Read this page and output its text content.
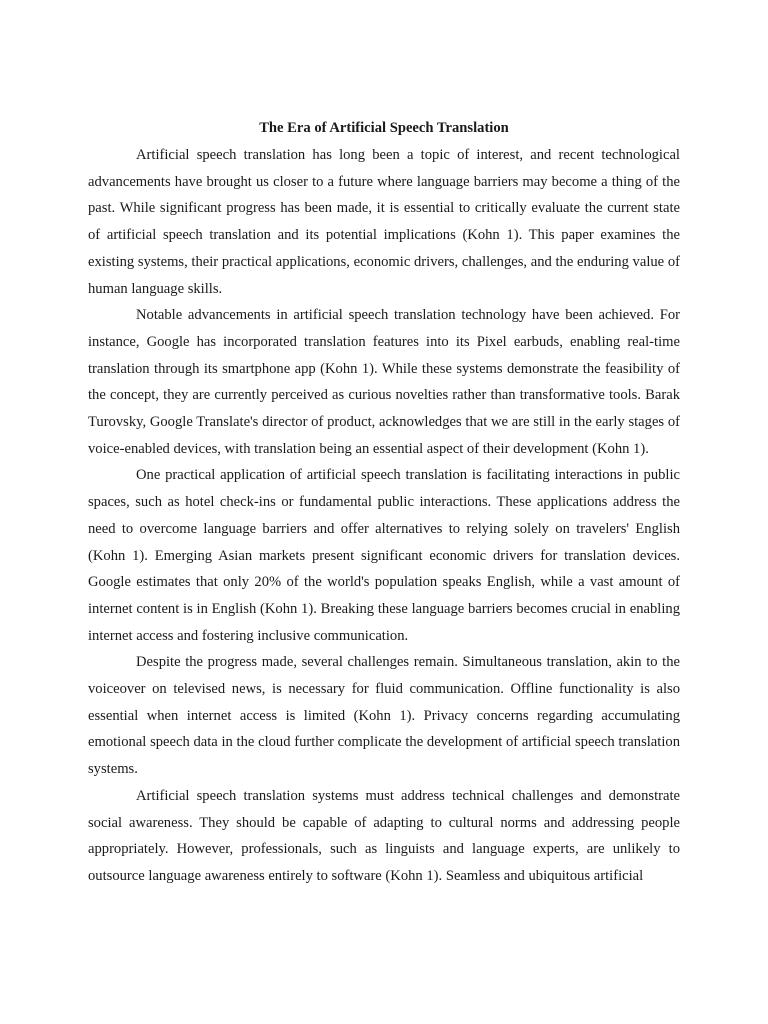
The Era of Artificial Speech Translation

Artificial speech translation has long been a topic of interest, and recent technological advancements have brought us closer to a future where language barriers may become a thing of the past. While significant progress has been made, it is essential to critically evaluate the current state of artificial speech translation and its potential implications (Kohn 1). This paper examines the existing systems, their practical applications, economic drivers, challenges, and the enduring value of human language skills.

Notable advancements in artificial speech translation technology have been achieved. For instance, Google has incorporated translation features into its Pixel earbuds, enabling real-time translation through its smartphone app (Kohn 1). While these systems demonstrate the feasibility of the concept, they are currently perceived as curious novelties rather than transformative tools. Barak Turovsky, Google Translate's director of product, acknowledges that we are still in the early stages of voice-enabled devices, with translation being an essential aspect of their development (Kohn 1).

One practical application of artificial speech translation is facilitating interactions in public spaces, such as hotel check-ins or fundamental public interactions. These applications address the need to overcome language barriers and offer alternatives to relying solely on travelers' English (Kohn 1). Emerging Asian markets present significant economic drivers for translation devices. Google estimates that only 20% of the world's population speaks English, while a vast amount of internet content is in English (Kohn 1). Breaking these language barriers becomes crucial in enabling internet access and fostering inclusive communication.

Despite the progress made, several challenges remain. Simultaneous translation, akin to the voiceover on televised news, is necessary for fluid communication. Offline functionality is also essential when internet access is limited (Kohn 1). Privacy concerns regarding accumulating emotional speech data in the cloud further complicate the development of artificial speech translation systems.

Artificial speech translation systems must address technical challenges and demonstrate social awareness. They should be capable of adapting to cultural norms and addressing people appropriately. However, professionals, such as linguists and language experts, are unlikely to outsource language awareness entirely to software (Kohn 1). Seamless and ubiquitous artificial
